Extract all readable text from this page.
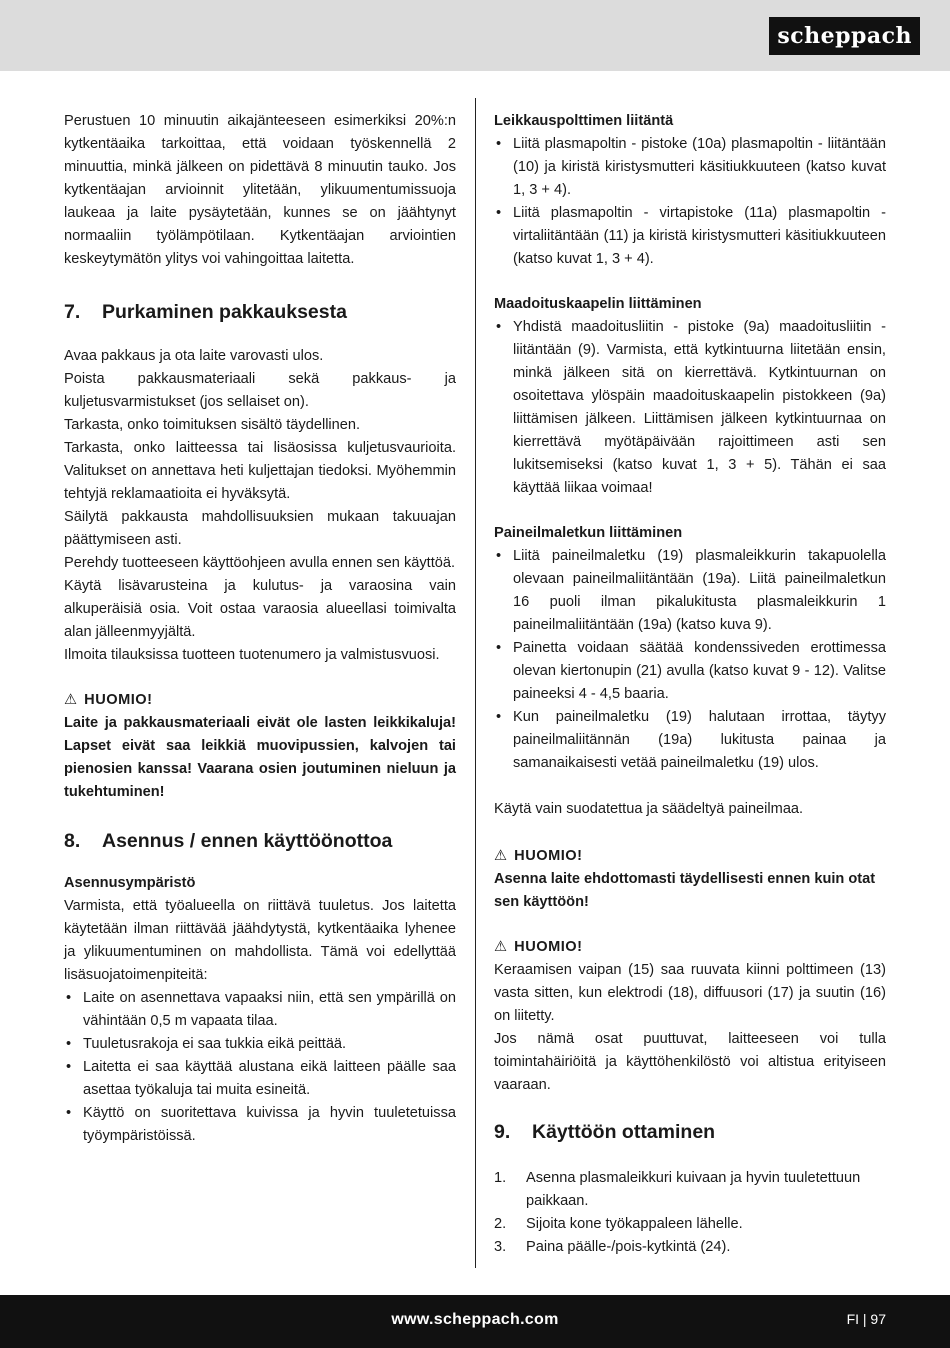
scheppach

Perustuen 10 minuutin aikajänteeseen esimerkiksi 20%:n kytkentäaika tarkoittaa, että voidaan työskennellä 2 minuuttia, minkä jälkeen on pidettävä 8 minuutin tauko. Jos kytkentäajan arvioinnit ylitetään, ylikuumentumissuoja laukeaa ja laite pysäytetään, kunnes se on jäähtynyt normaaliin työlämpötilaan. Kytkentäajan arviointien keskeytymätön ylitys voi vahingoittaa laitetta.

7. Purkaminen pakkauksesta

Avaa pakkaus ja ota laite varovasti ulos.

Poista pakkausmateriaali sekä pakkaus- ja kuljetusvarmistukset (jos sellaiset on).

Tarkasta, onko toimituksen sisältö täydellinen.

Tarkasta, onko laitteessa tai lisäosissa kuljetusvaurioita. Valitukset on annettava heti kuljettajan tiedoksi. Myöhemmin tehtyjä reklamaatioita ei hyväksytä.

Säilytä pakkausta mahdollisuuksien mukaan takuuajan päättymiseen asti.

Perehdy tuotteeseen käyttöohjeen avulla ennen sen käyttöä.

Käytä lisävarusteina ja kulutus- ja varaosina vain alkuperäisiä osia. Voit ostaa varaosia alueellasi toimivalta alan jälleenmyyjältä.

Ilmoita tilauksissa tuotteen tuotenumero ja valmistusvuosi.

⚠ HUOMIO!

Laite ja pakkausmateriaali eivät ole lasten leikkikaluja! Lapset eivät saa leikkiä muovipussien, kalvojen tai pienosien kanssa! Vaarana osien joutuminen nieluun ja tukehtuminen!

8. Asennus / ennen käyttöönottoa
Asennusympäristö

Varmista, että työalueella on riittävä tuuletus. Jos laitetta käytetään ilman riittävää jäähdytystä, kytkentäaika lyhenee ja ylikuumentuminen on mahdollista. Tämä voi edellyttää lisäsuojatoimenpiteitä:

• Laite on asennettava vapaaksi niin, että sen ympärillä on vähintään 0,5 m vapaata tilaa.
• Tuuletusrakoja ei saa tukkia eikä peittää.
• Laitetta ei saa käyttää alustana eikä laitteen päälle saa asettaa työkaluja tai muita esineitä.
• Käyttö on suoritettava kuivissa ja hyvin tuuletetuissa työympäristöissä.
Leikkauspolttimen liitäntä
• Liitä plasmapoltin - pistoke (10a) plasmapoltin - liitäntään (10) ja kiristä kiristysmutteri käsitiukkuuteen (katso kuvat 1, 3 + 4).
• Liitä plasmapoltin - virtapistoke (11a) plasmapoltin - virtaliitäntään (11) ja kiristä kiristysmutteri käsitiukkuuteen (katso kuvat 1, 3 + 4).
Maadoituskaapelin liittäminen
• Yhdistä maadoitusliitin - pistoke (9a) maadoitusliitin - liitäntään (9). Varmista, että kytkintuurna liitetään ensin, minkä jälkeen sitä on kierrettävä. Kytkintuurnan on osoitettava ylöspäin maadoituskaapelin pistokkeen (9a) liittämisen jälkeen. Liittämisen jälkeen kytkintuurnaa on kierrettävä myötäpäivään rajoittimeen asti sen lukitsemiseksi (katso kuvat 1, 3 + 5). Tähän ei saa käyttää liikaa voimaa!
Paineilmaletkun liittäminen
• Liitä paineilmaletku (19) plasmaleikkurin takapuolella olevaan paineilmaliitäntään (19a). Liitä paineilmaletkun 16 puoli ilman pikalukitusta plasmaleikkurin 1 paineilmaliitäntään (19a) (katso kuva 9).
• Painetta voidaan säätää kondenssiveden erottimessa olevan kiertonupin (21) avulla (katso kuvat 9 - 12). Valitse paineeksi 4 - 4,5 baaria.
• Kun paineilmaletku (19) halutaan irrottaa, täytyy paineilmaliitännän (19a) lukitusta painaa ja samanaikaisesti vetää paineilmaletku (19) ulos.

Käytä vain suodatettua ja säädeltyä paineilmaa.

⚠ HUOMIO!

Asenna laite ehdottomasti täydellisesti ennen kuin otat sen käyttöön!

⚠ HUOMIO!

Keraamisen vaipan (15) saa ruuvata kiinni polttimeen (13) vasta sitten, kun elektrodi (18), diffuusori (17) ja suutin (16) on liitetty.

Jos nämä osat puuttuvat, laitteeseen voi tulla toimintahäiriöitä ja käyttöhenkilöstö voi altistua erityiseen vaaraan.

9. Käyttöön ottaminen
1. Asenna plasmaleikkuri kuivaan ja hyvin tuuletettuun paikkaan.
2. Sijoita kone työkappaleen lähelle.
3. Paina päälle-/pois-kytkintä (24).
www.scheppach.com	FI | 97
